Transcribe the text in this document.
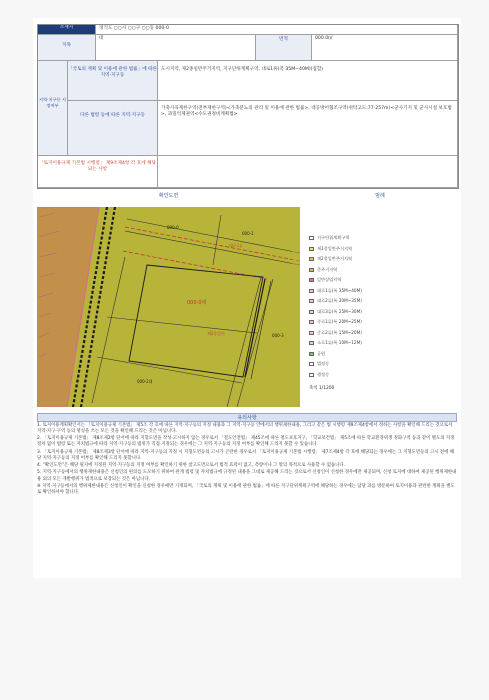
소재지	경기도 ○○시 ○○구 ○○동 000-0
지목
대	면적	000.0㎡
지역·지구등 지정여부
「국토의 계획 및 이용에 관한 법률」에 따른 지역·지구등
도시지역, 제2종일반주거지역, 지구단위계획구역, 대로1류(폭 35M~40M)(접합)
다른 법령 등에 따른 지역·지구등
가축사육제한구역(전부제한구역)<가축분뇨의 관리 및 이용에 관한 법률>, 대공방어협조구역(위탁고도:77-257m)<군사기지 및 군사시설 보호법>, 과밀억제권역<수도권정비계획법>
「토지이용규제 기본법 시행령」 제9조제4항 각 호에 해당되는 사항
확인도면	범례
000-0대
000-0
000-1
대로1류
제2종일반
000-2대
000-3
축척 1/1200
지구단위계획구역
제1종일반주거지역
제2종일반주거지역
준주거지역
일반상업지역
대로1류(폭 35M~40M)
대로2류(폭 30M~35M)
대로3류(폭 25M~30M)
중로1류(폭 20M~25M)
중로2류(폭 15M~20M)
소로1류(폭 10M~12M)
공원
법정동
행정동
유의사항

1. 토지이용계획확인서는 「토지이용규제 기본법」 제5조 각 호에 따른 지역·지구등의 지정 내용과 그 지역·지구등 안에서의 행위제한내용, 그리고 같은 법 시행령 제9조제4항에서 정하는 사항을 확인해 드리는 것으로서 지역·지구·구역 등의 명칭을 쓰는 모든 것을 확인해 드리는 것은 아닙니다.

2. 「토지이용규제 기본법」 제8조제2항 단서에 따라 지형도면을 작성·고시하지 않는 경우로서 「철도안전법」 제45조에 따른 철도보호지구, 「학교보건법」 제5조에 따른 학교환경위생 정화구역 등과 같이 별도의 지정 절차 없이 법령 또는 자치법규에 따라 지역·지구등의 범위가 직접 지정되는 경우에는 그 지역·지구등의 지정 여부를 확인해 드리지 못할 수 있습니다.

3. 「토지이용규제 기본법」 제8조제3항 단서에 따라 지역·지구등의 지정 시 지형도면등의 고시가 곤란한 경우로서 「토지이용규제 기본법 시행령」 제7조제4항 각 호에 해당되는 경우에는 그 지형도면등의 고시 전에 해당 지역·지구등의 지정 여부를 확인해 드리지 못합니다.

4. “확인도면”은 해당 필지에 지정된 지역·지구등의 지정 여부를 확인하기 위한 참고도면으로서 법적 효력이 없고, 측량이나 그 밖의 목적으로 사용할 수 없습니다.

5. 지역·지구등에서의 행위제한내용은 신청인의 편의를 도모하기 위하여 관계 법령 및 자치법규에 규정된 내용을 그대로 제공해 드리는 것으로서 신청인이 신청한 경우에만 제공되며, 신청 토지에 대하여 제공된 행위제한내용 외의 모든 개발행위가 법적으로 보장되는 것은 아닙니다.

※ 지역·지구등에서의 행위제한내용은 신청인이 확인을 신청한 경우에만 기재되며, 「국토의 계획 및 이용에 관한 법률」에 따른 지구단위계획구역에 해당하는 경우에는 담당 과를 방문하여 토지이용과 관련한 계획을 별도로 확인하셔야 합니다.
